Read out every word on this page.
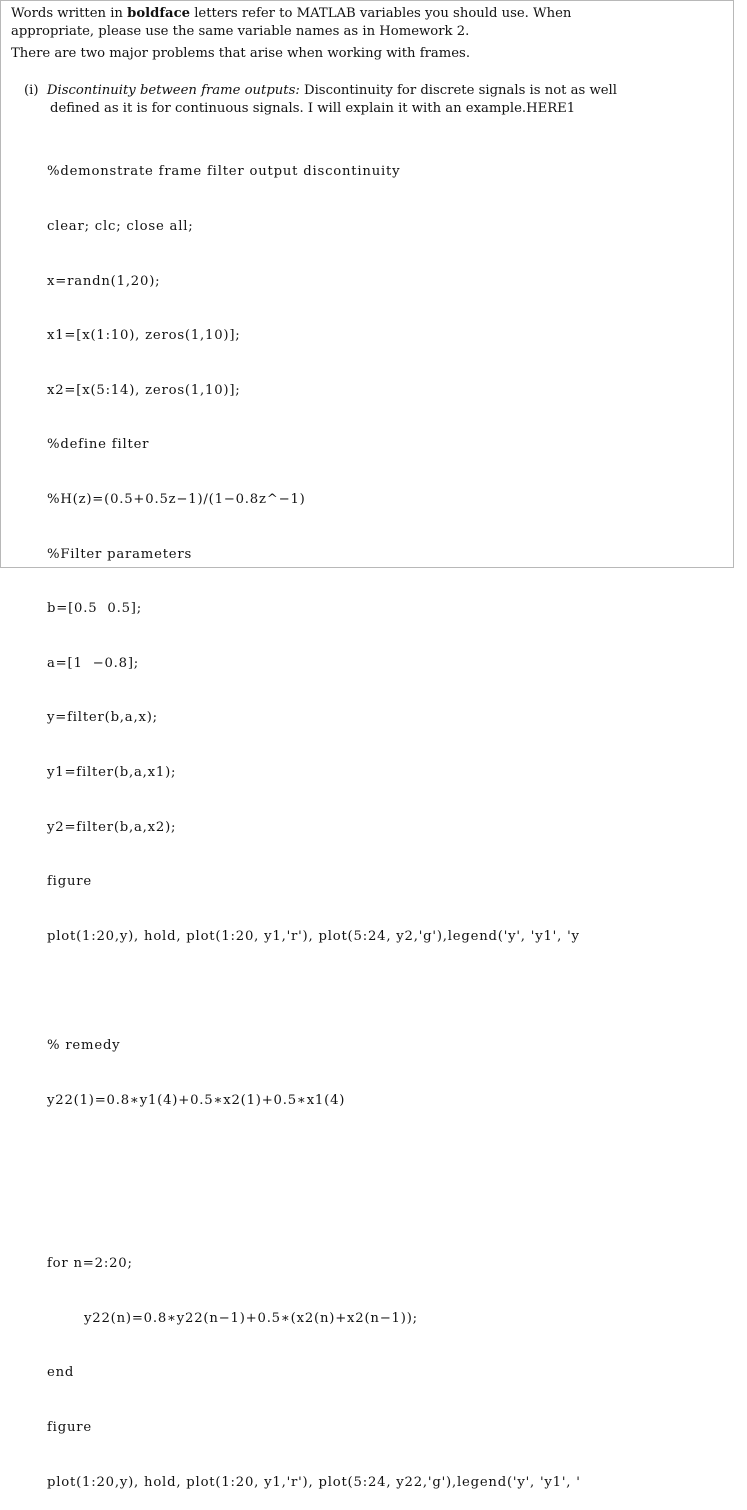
Words written in boldface letters refer to MATLAB variables you should use. When appropriate, please use the same variable names as in Homework 2.

There are two major problems that arise when working with frames.

(i) Discontinuity between frame outputs: Discontinuity for discrete signals is not as well defined as it is for continuous signals. I will explain it with an example.HERE1

%demonstrate frame filter output discontinuity

clear; clc; close all;

x=randn(1,20);

x1=[x(1:10), zeros(1,10)];

x2=[x(5:14), zeros(1,10)];

%define filter

%H(z)=(0.5+0.5z−1)/(1−0.8z^−1)

%Filter parameters

b=[0.5  0.5];

a=[1  −0.8];

y=filter(b,a,x);

y1=filter(b,a,x1);

y2=filter(b,a,x2);

figure

plot(1:20,y), hold, plot(1:20, y1,'r'), plot(5:24, y2,'g'),legend('y', 'y1', 'y

% remedy

y22(1)=0.8∗y1(4)+0.5∗x2(1)+0.5∗x1(4)

for n=2:20;

y22(n)=0.8∗y22(n−1)+0.5∗(x2(n)+x2(n−1));

end

figure

plot(1:20,y), hold, plot(1:20, y1,'r'), plot(5:24, y22,'g'),legend('y', 'y1', '
